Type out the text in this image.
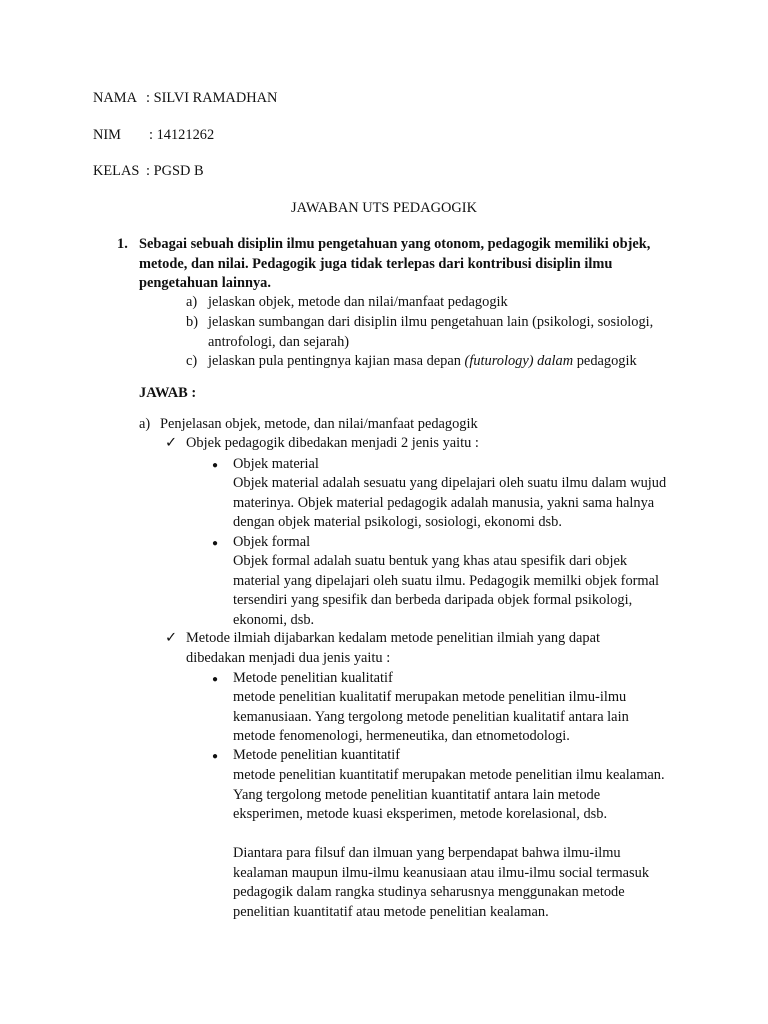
NAMA : SILVI RAMADHAN
NIM : 14121262
KELAS : PGSD B
JAWABAN UTS PEDAGOGIK
1. Sebagai sebuah disiplin ilmu pengetahuan yang otonom, pedagogik memiliki objek, metode, dan nilai. Pedagogik juga tidak terlepas dari kontribusi disiplin ilmu pengetahuan lainnya.
a) jelaskan objek, metode dan nilai/manfaat pedagogik
b) jelaskan sumbangan dari disiplin ilmu pengetahuan lain (psikologi, sosiologi, antrofologi, dan sejarah)
c) jelaskan pula pentingnya kajian masa depan (futurology) dalam pedagogik
JAWAB :
a) Penjelasan objek, metode, dan nilai/manfaat pedagogik
✓ Objek pedagogik dibedakan menjadi 2 jenis yaitu :
● Objek material
Objek material adalah sesuatu yang dipelajari oleh suatu ilmu dalam wujud materinya. Objek material pedagogik adalah manusia, yakni sama halnya dengan objek material psikologi, sosiologi, ekonomi dsb.
● Objek formal
Objek formal adalah suatu bentuk yang khas atau spesifik dari objek material yang dipelajari oleh suatu ilmu. Pedagogik memilki objek formal tersendiri yang spesifik dan berbeda daripada objek formal psikologi, ekonomi, dsb.
✓ Metode ilmiah dijabarkan kedalam metode penelitian ilmiah yang dapat dibedakan menjadi dua jenis yaitu :
● Metode penelitian kualitatif
metode penelitian kualitatif merupakan metode penelitian ilmu-ilmu kemanusiaan. Yang tergolong metode penelitian kualitatif antara lain metode fenomenologi, hermeneutika, dan etnometodologi.
● Metode penelitian kuantitatif
metode penelitian kuantitatif merupakan metode penelitian ilmu kealaman. Yang tergolong metode penelitian kuantitatif antara lain metode eksperimen, metode kuasi eksperimen, metode korelasional, dsb.
Diantara para filsuf dan ilmuan yang berpendapat bahwa ilmu-ilmu kealaman maupun ilmu-ilmu keanusiaan atau ilmu-ilmu social termasuk pedagogik dalam rangka studinya seharusnya menggunakan metode penelitian kuantitatif atau metode penelitian kealaman.
